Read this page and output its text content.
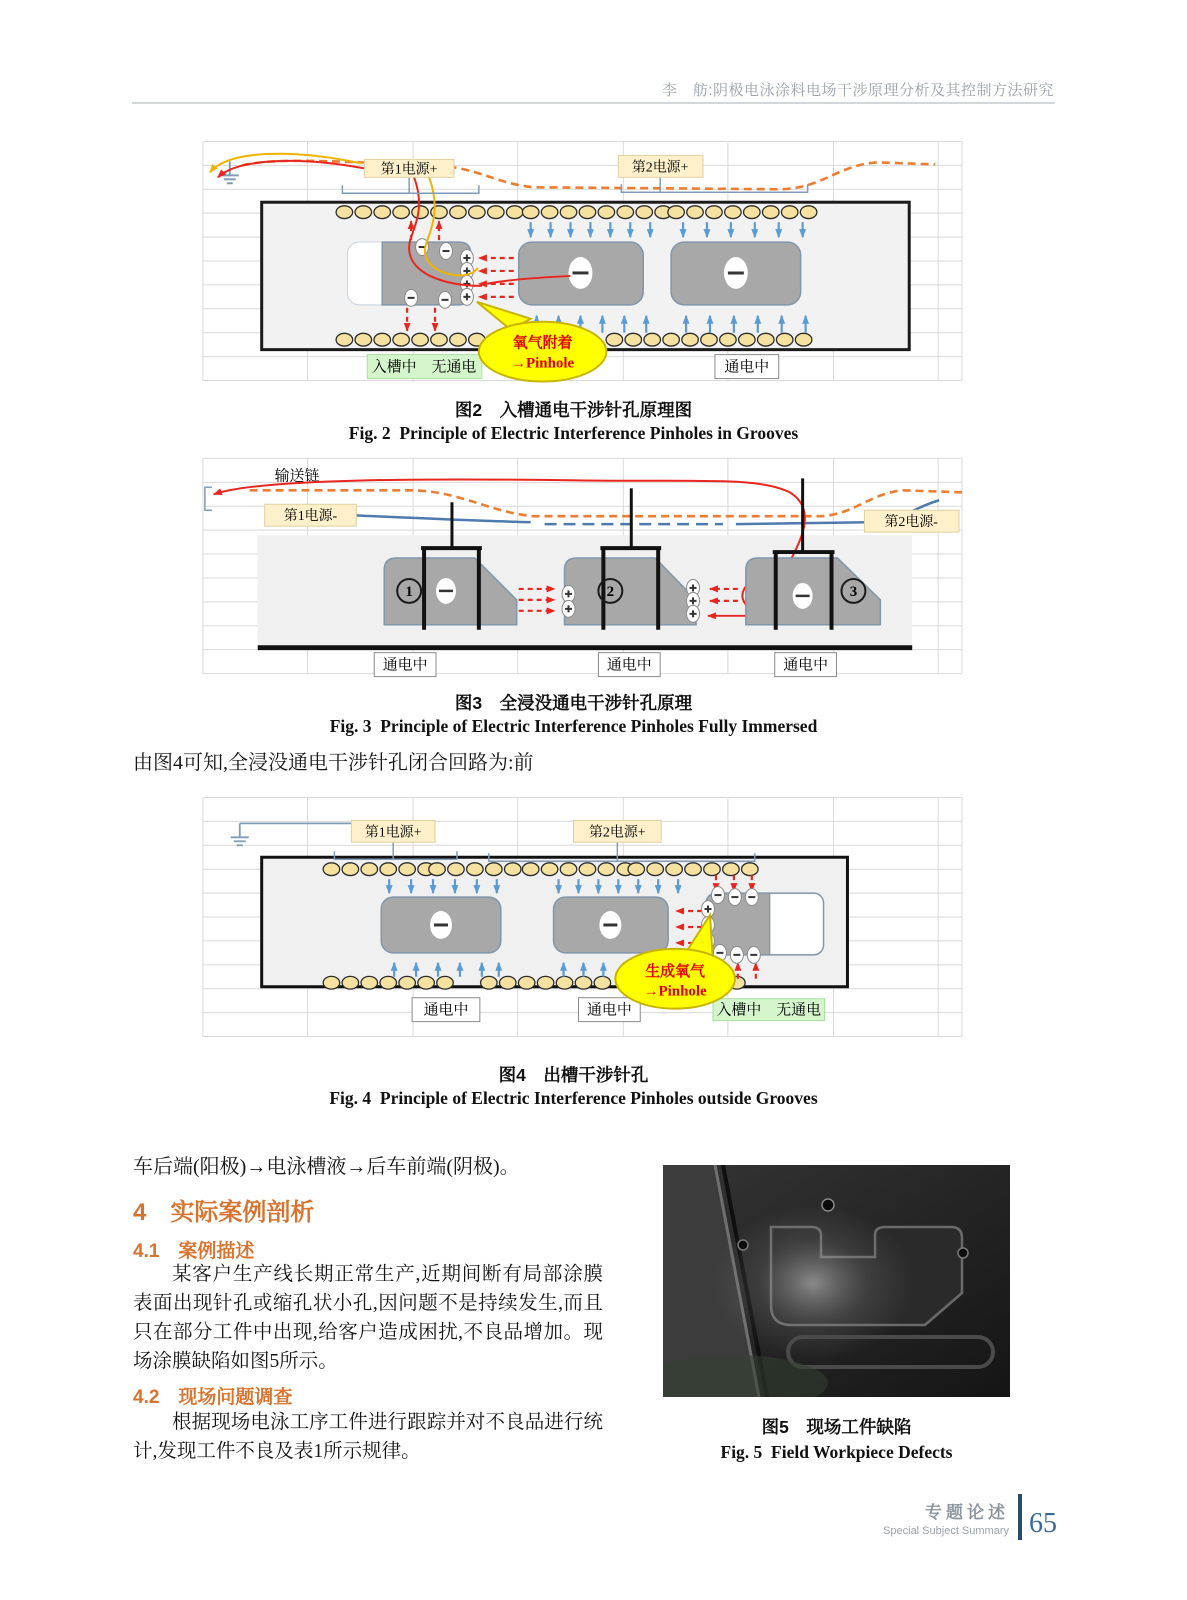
李　舫:阴极电泳涂料电场干涉原理分析及其控制方法研究
第1电源+	第2电源+
入槽中　无通电	通电中
氧气附着
→Pinhole
图2　入槽通电干涉针孔原理图
Fig. 2  Principle of Electric Interference Pinholes in Grooves
输送链
1	2	3
第1电源-	第2电源-
通电中	通电中	通电中
图3　全浸没通电干涉针孔原理
Fig. 3  Principle of Electric Interference Pinholes Fully Immersed
由图4可知,全浸没通电干涉针孔闭合回路为:前
第1电源+	第2电源+
通电中	通电中	入槽中　无通电
生成氧气
→Pinhole
图4　出槽干涉针孔
Fig. 4  Principle of Electric Interference Pinholes outside Grooves
车后端(阳极)→电泳槽液→后车前端(阴极)。
4　实际案例剖析
4.1　案例描述
某客户生产线长期正常生产,近期间断有局部涂膜表面出现针孔或缩孔状小孔,因问题不是持续发生,而且只在部分工件中出现,给客户造成困扰,不良品增加。现场涂膜缺陷如图5所示。
4.2　现场问题调查
根据现场电泳工序工件进行跟踪并对不良品进行统计,发现工件不良及表1所示规律。
图5　现场工件缺陷
Fig. 5  Field Workpiece Defects
专题论述
Special Subject Summary 65
